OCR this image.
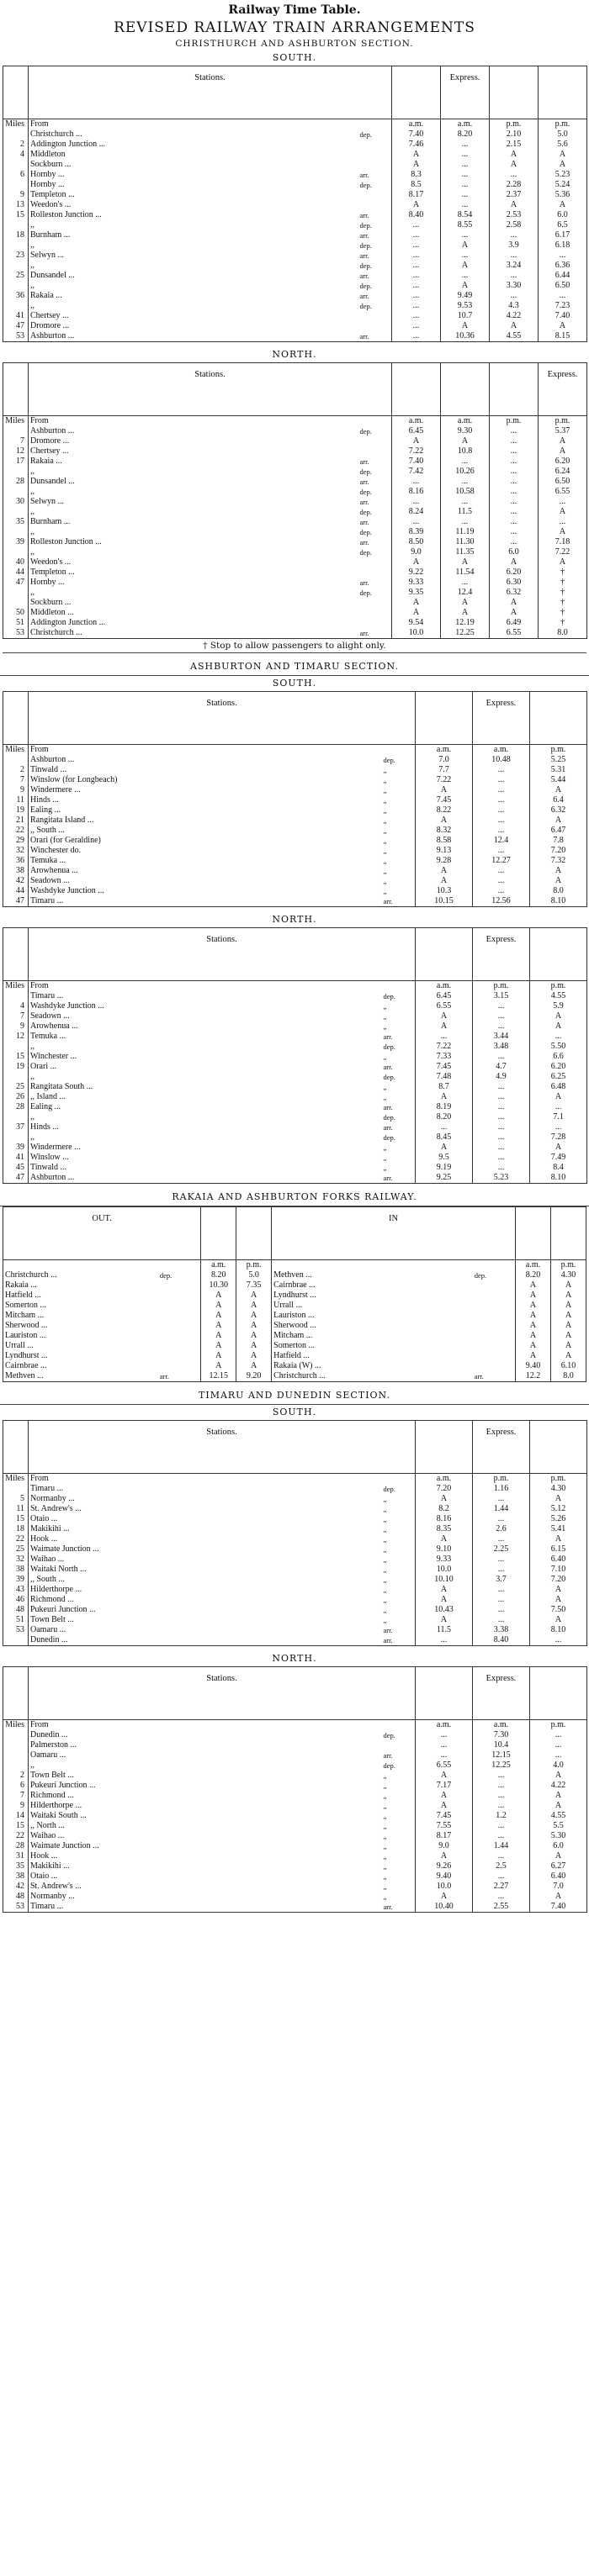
Railway Time Table.
REVISED RAILWAY TRAIN ARRANGEMENTS
CHRISTHURCH AND ASHBURTON SECTION.
SOUTH.
	Stations.			Express.		
Miles	From		a.m.	a.m.	p.m.	p.m.
	Christchurch ...	dep.	7.40	8.20	2.10	5.0
2	Addington Junction ...		7.46	...	2.15	5.6
4	Middleton		A	...	A	A
	Sockburn ...		A	...	A	A
6	Hornby ...	arr.	8.3	...	...	5.23
	Hornby ...	dep.	8.5	...	2.28	5.24
9	Templeton ...		8.17	...	2.37	5.36
13	Weedon's ...		A	...	A	A
15	Rolleston Junction ...	arr.	8.40	8.54	2.53	6.0
	,,	dep.	...	8.55	2.58	6.5
18	Burnham ...	arr.	...	...	...	6.17
	,,	dep.	...	A	3.9	6.18
23	Selwyn ...	arr.	...	...	...	...
	,,	dep.	...	A	3.24	6.36
25	Dunsandel ...	arr.	...	...	...	6.44
	,,	dep.	...	A	3.30	6.50
36	Rakaia ...	arr.	...	9.49	...	...
	,,	dep.	...	9.53	4.3	7.23
41	Chertsey ...		...	10.7	4.22	7.40
47	Dromore ...		...	A	A	A
53	Ashburton ...	arr.	...	10.36	4.55	8.15
NORTH.
	Stations.					Express.
Miles	From		a.m.	a.m.	p.m.	p.m.
	Ashburton ...	dep.	6.45	9.30	...	5.37
7	Dromore ...		A	A	...	A
12	Chertsey ...		7.22	10.8	...	A
17	Rakaia ...	arr.	7.40	...	...	6.20
	,,	dep.	7.42	10.26	...	6.24
28	Dunsandel ...	arr.	...	...	...	6.50
	,,	dep.	8.16	10.58	...	6.55
30	Selwyn ...	arr.	...	...	...	...
	,,	dep.	8.24	11.5	...	A
35	Burnham ...	arr.	...	...	...	...
	,,	dep.	8.39	11.19	...	A
39	Rolleston Junction ...	arr.	8.50	11.30	...	7.18
	,,	dep.	9.0	11.35	6.0	7.22
40	Weedon's ...		A	A	A	A
44	Templeton ...		9.22	11.54	6.20	†
47	Hornby ...	arr.	9.33	...	6.30	†
	,,	dep.	9.35	12.4	6.32	†
	Sockburn ...		A	A	A	†
50	Middleton ...		A	A	A	†
51	Addington Junction ...		9.54	12.19	6.49	†
53	Christchurch ...	arr.	10.0	12.25	6.55	8.0
† Stop to allow passengers to alight only.
ASHBURTON AND TIMARU SECTION.
SOUTH.
	Stations.			Express.	
Miles	From		a.m.	a.m.	p.m.
	Ashburton ...	dep.	7.0	10.48	5.25
2	Tinwald ...	,,	7.7	...	5.31
7	Winslow (for Longbeach)	,,	7.22	...	5.44
9	Windermere ...	,,	A	...	A
11	Hinds ...	,,	7.45	...	6.4
19	Ealing ...	,,	8.22	...	6.32
21	Rangitata Island ...	,,	A	...	A
22	,, South ...	,,	8.32	...	6.47
29	Orari (for Geraldine)	,,	8.58	12.4	7.8
32	Winchester do.	,,	9.13	...	7.20
36	Temuka ...	,,	9.28	12.27	7.32
38	Arowhenua ...	,,	A	...	A
42	Seadown ...	,,	A	...	A
44	Washdyke Junction ...	,,	10.3	...	8.0
47	Timaru ...	arr.	10.15	12.56	8.10
NORTH.
	Stations.			Express.	
Miles	From		a.m.	p.m.	p.m.
	Timaru ...	dep.	6.45	3.15	4.55
4	Washdyke Junction ...	,,	6.55	...	5.9
7	Seadown ...	,,	A	...	A
9	Arowhenua ...	,,	A	...	A
12	Temuka ...	arr.	...	3.44	...
	,,	dep.	7.22	3.48	5.50
15	Winchester ...	,,	7.33	...	6.6
19	Orari ...	arr.	7.45	4.7	6.20
	,,	dep.	7.48	4.9	6.25
25	Rangitata South ...	,,	8.7	...	6.48
26	,, Island ...	,,	A	...	A
28	Ealing ...	arr.	8.19	...	...
	,,	dep.	8.20	...	7.1
37	Hinds ...	arr.	...	...	...
	,,	dep.	8.45	...	7.28
39	Windermere ...	,,	A	...	A
41	Winslow ...	,,	9.5	...	7.49
45	Tinwald ...	,,	9.19	...	8.4
47	Ashburton ...	arr.	9.25	5.23	8.10
RAKAIA AND ASHBURTON FORKS RAILWAY.
OUT.				IN			
		a.m.	p.m.			a.m.	p.m.
Christchurch ...	dep.	8.20	5.0	Methven ...	dep.	8.20	4.30
Rakaia ...		10.30	7.35	Cairnbrae ...		A	A
Hatfield ...		A	A	Lyndhurst ...		A	A
Somerton ...		A	A	Urrall ...		A	A
Mitcham ...		A	A	Lauriston ...		A	A
Sherwood ...		A	A	Sherwood ...		A	A
Lauriston ...		A	A	Mitcham ...		A	A
Urrall ...		A	A	Somerton ...		A	A
Lyndhurst ...		A	A	Hatfield ...		A	A
Cairnbrae ...		A	A	Rakaia (W) ...		9.40	6.10
Methven ...	arr.	12.15	9.20	Christchurch ...	arr.	12.2	8.0
TIMARU AND DUNEDIN SECTION.
SOUTH.
	Stations.			Express.	
Miles	From		a.m.	p.m.	p.m.
	Timaru ...	dep.	7.20	1.16	4.30
5	Normanby ...	,,	A	...	A
11	St. Andrew's ...	,,	8.2	1.44	5.12
15	Otaio ...	,,	8.16	...	5.26
18	Makikihi ...	,,	8.35	2.6	5.41
22	Hook ...	,,	A	...	A
25	Waimate Junction ...	,,	9.10	2.25	6.15
32	Waihao ...	,,	9.33	...	6.40
38	Waitaki North ...	,,	10.0	...	7.10
39	,, South ...	,,	10.10	3.7	7.20
43	Hilderthorpe ...	,,	A	...	A
46	Richmond ...	,,	A	...	A
48	Pukeuri Junction ...	,,	10.43	...	7.50
51	Town Belt ...	,,	A	...	A
53	Oamaru ...	arr.	11.5	3.38	8.10
	Dunedin ...	arr.	...	8.40	...
NORTH.
	Stations.			Express.	
Miles	From		a.m.	a.m.	p.m.
	Dunedin ...	dep.	...	7.30	...
	Palmerston ...		...	10.4	...
	Oamaru ...	arr.	...	12.15	...
	,,	dep.	6.55	12.25	4.0
2	Town Belt ...	,,	A	...	A
6	Pukeuri Junction ...	,,	7.17	...	4.22
7	Richmond ...	,,	A	...	A
9	Hilderthorpe ...	,,	A	...	A
14	Waitaki South ...	,,	7.45	1.2	4.55
15	,, North ...	,,	7.55	...	5.5
22	Waihao ...	,,	8.17	...	5.30
28	Waimate Junction ...	,,	9.0	1.44	6.0
31	Hook ...	,,	A	...	A
35	Makikihi ...	,,	9.26	2.5	6.27
38	Otaio ...	,,	9.40	...	6.40
42	St. Andrew's ...	,,	10.0	2.27	7.0
48	Normanby ...	,,	A	...	A
53	Timaru ...	arr.	10.40	2.55	7.40
